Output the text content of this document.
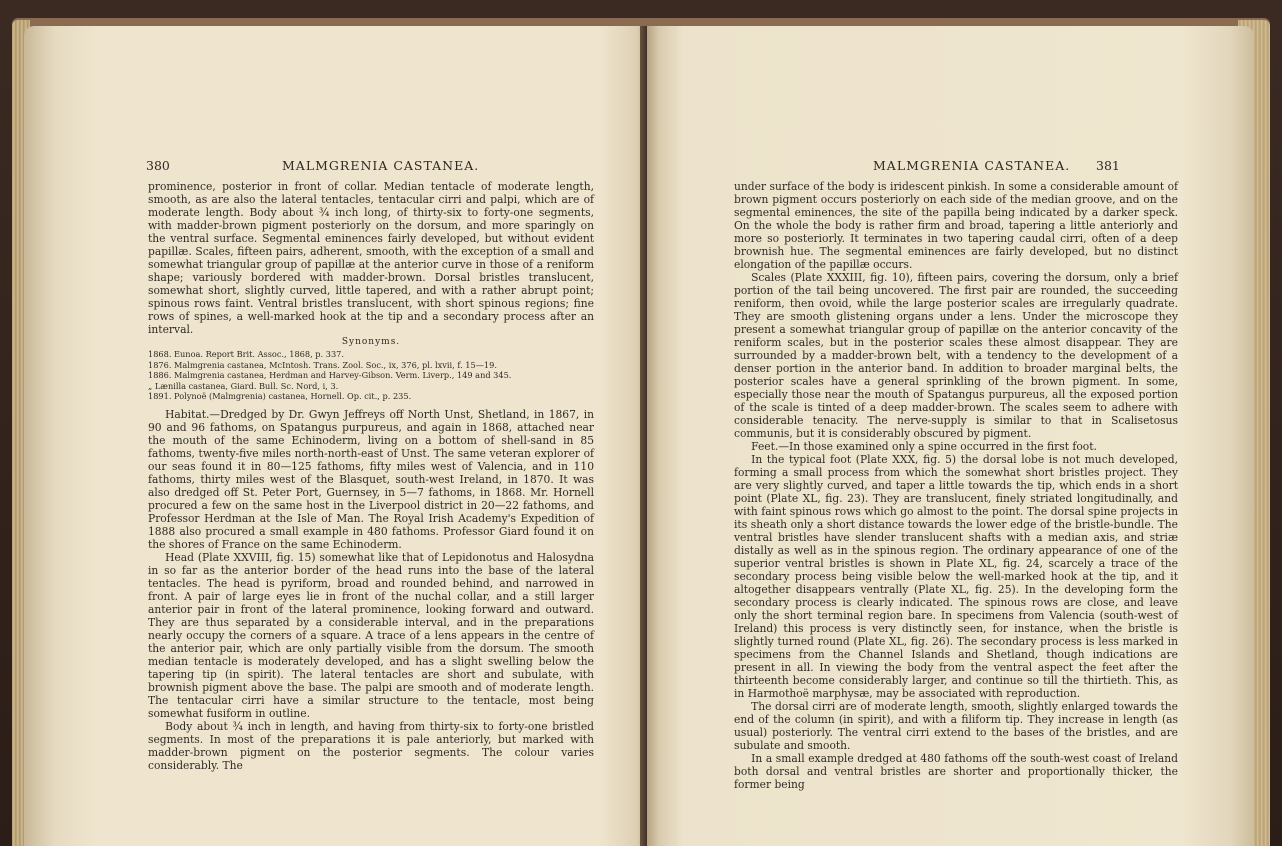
380	MALMGRENIA CASTANEA.

prominence, posterior in front of collar. Median tentacle of moderate length, smooth, as are also the lateral tentacles, tentacular cirri and palpi, which are of moderate length. Body about ¾ inch long, of thirty-six to forty-one segments, with madder-brown pigment posteriorly on the dorsum, and more sparingly on the ventral surface. Segmental eminences fairly developed, but without evident papillæ. Scales, fifteen pairs, adherent, smooth, with the exception of a small and somewhat triangular group of papillæ at the anterior curve in those of a reniform shape; variously bordered with madder-brown. Dorsal bristles translucent, somewhat short, slightly curved, little tapered, and with a rather abrupt point; spinous rows faint. Ventral bristles translucent, with short spinous regions; fine rows of spines, a well-marked hook at the tip and a secondary process after an interval.

Synonyms.

1868. Eunoa. Report Brit. Assoc., 1868, p. 337.
1876. Malmgrenia castanea, McIntosh. Trans. Zool. Soc., ix, 376, pl. lxvii, f. 15—19.
1886. Malmgrenia castanea, Herdman and Harvey-Gibson. Verm. Liverp., 149 and 345.
„ Lænilla castanea, Giard. Bull. Sc. Nord, i, 3.
1891. Polynoë (Malmgrenia) castanea, Hornell. Op. cit., p. 235.

Habitat.—Dredged by Dr. Gwyn Jeffreys off North Unst, Shetland, in 1867, in 90 and 96 fathoms, on Spatangus purpureus, and again in 1868, attached near the mouth of the same Echinoderm, living on a bottom of shell-sand in 85 fathoms, twenty-five miles north-north-east of Unst. The same veteran explorer of our seas found it in 80—125 fathoms, fifty miles west of Valencia, and in 110 fathoms, thirty miles west of the Blasquet, south-west Ireland, in 1870. It was also dredged off St. Peter Port, Guernsey, in 5—7 fathoms, in 1868. Mr. Hornell procured a few on the same host in the Liverpool district in 20—22 fathoms, and Professor Herdman at the Isle of Man. The Royal Irish Academy's Expedition of 1888 also procured a small example in 480 fathoms. Professor Giard found it on the shores of France on the same Echinoderm.

Head (Plate XXVIII, fig. 15) somewhat like that of Lepidonotus and Halosydna in so far as the anterior border of the head runs into the base of the lateral tentacles. The head is pyriform, broad and rounded behind, and narrowed in front. A pair of large eyes lie in front of the nuchal collar, and a still larger anterior pair in front of the lateral prominence, looking forward and outward. They are thus separated by a considerable interval, and in the preparations nearly occupy the corners of a square. A trace of a lens appears in the centre of the anterior pair, which are only partially visible from the dorsum. The smooth median tentacle is moderately developed, and has a slight swelling below the tapering tip (in spirit). The lateral tentacles are short and subulate, with brownish pigment above the base. The palpi are smooth and of moderate length. The tentacular cirri have a similar structure to the tentacle, most being somewhat fusiform in outline.

Body about ¾ inch in length, and having from thirty-six to forty-one bristled segments. In most of the preparations it is pale anteriorly, but marked with madder-brown pigment on the posterior segments. The colour varies considerably. The

MALMGRENIA CASTANEA. 381

under surface of the body is iridescent pinkish. In some a considerable amount of brown pigment occurs posteriorly on each side of the median groove, and on the segmental eminences, the site of the papilla being indicated by a darker speck. On the whole the body is rather firm and broad, tapering a little anteriorly and more so posteriorly. It terminates in two tapering caudal cirri, often of a deep brownish hue. The segmental eminences are fairly developed, but no distinct elongation of the papillæ occurs.

Scales (Plate XXXIII, fig. 10), fifteen pairs, covering the dorsum, only a brief portion of the tail being uncovered. The first pair are rounded, the succeeding reniform, then ovoid, while the large posterior scales are irregularly quadrate. They are smooth glistening organs under a lens. Under the microscope they present a somewhat triangular group of papillæ on the anterior concavity of the reniform scales, but in the posterior scales these almost disappear. They are surrounded by a madder-brown belt, with a tendency to the development of a denser portion in the anterior band. In addition to broader marginal belts, the posterior scales have a general sprinkling of the brown pigment. In some, especially those near the mouth of Spatangus purpureus, all the exposed portion of the scale is tinted of a deep madder-brown. The scales seem to adhere with considerable tenacity. The nerve-supply is similar to that in Scalisetosus communis, but it is considerably obscured by pigment.

Feet.—In those examined only a spine occurred in the first foot.

In the typical foot (Plate XXX, fig. 5) the dorsal lobe is not much developed, forming a small process from which the somewhat short bristles project. They are very slightly curved, and taper a little towards the tip, which ends in a short point (Plate XL, fig. 23). They are translucent, finely striated longitudinally, and with faint spinous rows which go almost to the point. The dorsal spine projects in its sheath only a short distance towards the lower edge of the bristle-bundle. The ventral bristles have slender translucent shafts with a median axis, and striæ distally as well as in the spinous region. The ordinary appearance of one of the superior ventral bristles is shown in Plate XL, fig. 24, scarcely a trace of the secondary process being visible below the well-marked hook at the tip, and it altogether disappears ventrally (Plate XL, fig. 25). In the developing form the secondary process is clearly indicated. The spinous rows are close, and leave only the short terminal region bare. In specimens from Valencia (south-west of Ireland) this process is very distinctly seen, for instance, when the bristle is slightly turned round (Plate XL, fig. 26). The secondary process is less marked in specimens from the Channel Islands and Shetland, though indications are present in all. In viewing the body from the ventral aspect the feet after the thirteenth become considerably larger, and continue so till the thirtieth. This, as in Harmothoë marphysæ, may be associated with reproduction.

The dorsal cirri are of moderate length, smooth, slightly enlarged towards the end of the column (in spirit), and with a filiform tip. They increase in length (as usual) posteriorly. The ventral cirri extend to the bases of the bristles, and are subulate and smooth.

In a small example dredged at 480 fathoms off the south-west coast of Ireland both dorsal and ventral bristles are shorter and proportionally thicker, the former being
